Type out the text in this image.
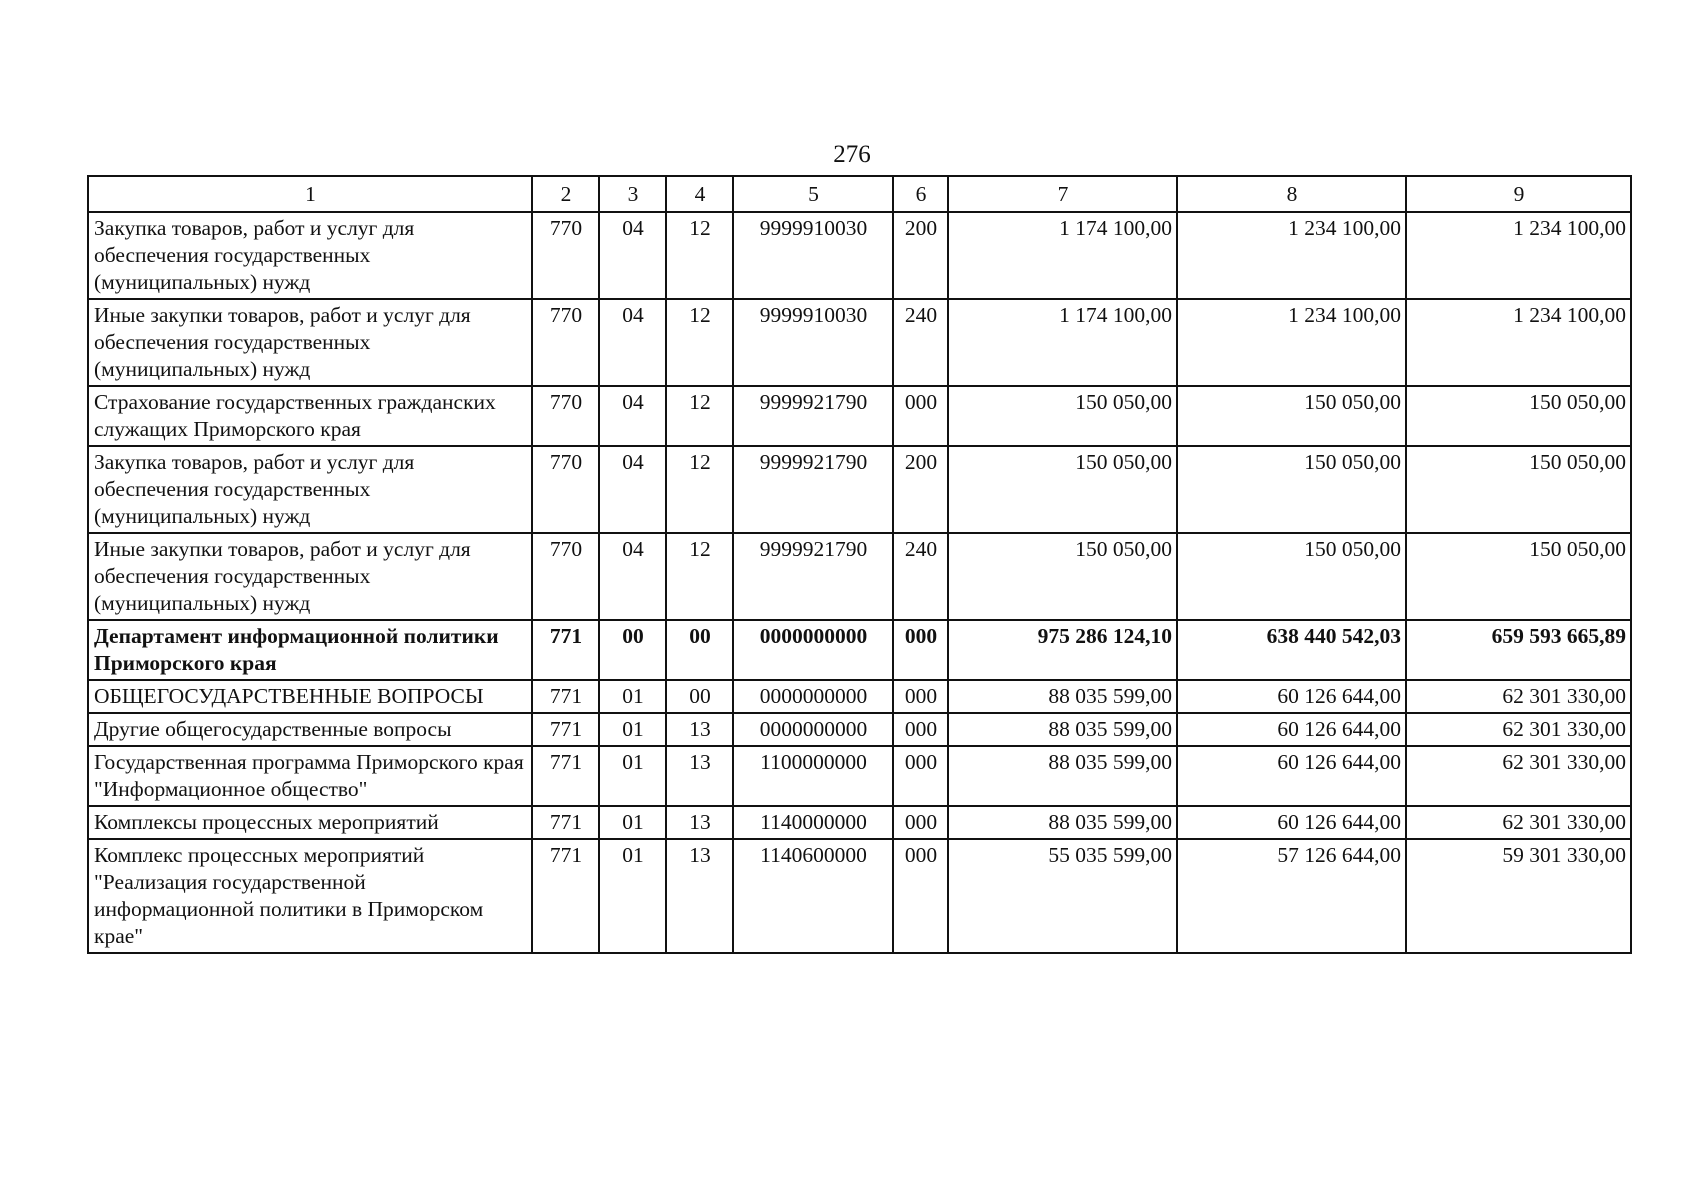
276
1	2	3	4	5	6	7	8	9
Закупка товаров, работ и услуг для обеспечения государственных (муниципальных) нужд	770	04	12	9999910030	200	1 174 100,00	1 234 100,00	1 234 100,00
Иные закупки товаров, работ и услуг для обеспечения государственных (муниципальных) нужд	770	04	12	9999910030	240	1 174 100,00	1 234 100,00	1 234 100,00
Страхование государственных гражданских служащих Приморского края	770	04	12	9999921790	000	150 050,00	150 050,00	150 050,00
Закупка товаров, работ и услуг для обеспечения государственных (муниципальных) нужд	770	04	12	9999921790	200	150 050,00	150 050,00	150 050,00
Иные закупки товаров, работ и услуг для обеспечения государственных (муниципальных) нужд	770	04	12	9999921790	240	150 050,00	150 050,00	150 050,00
Департамент информационной политики Приморского края	771	00	00	0000000000	000	975 286 124,10	638 440 542,03	659 593 665,89
ОБЩЕГОСУДАРСТВЕННЫЕ ВОПРОСЫ	771	01	00	0000000000	000	88 035 599,00	60 126 644,00	62 301 330,00
Другие общегосударственные вопросы	771	01	13	0000000000	000	88 035 599,00	60 126 644,00	62 301 330,00
Государственная программа Приморского края "Информационное общество"	771	01	13	1100000000	000	88 035 599,00	60 126 644,00	62 301 330,00
Комплексы процессных мероприятий	771	01	13	1140000000	000	88 035 599,00	60 126 644,00	62 301 330,00
Комплекс процессных мероприятий "Реализация государственной информационной политики в Приморском крае"	771	01	13	1140600000	000	55 035 599,00	57 126 644,00	59 301 330,00
